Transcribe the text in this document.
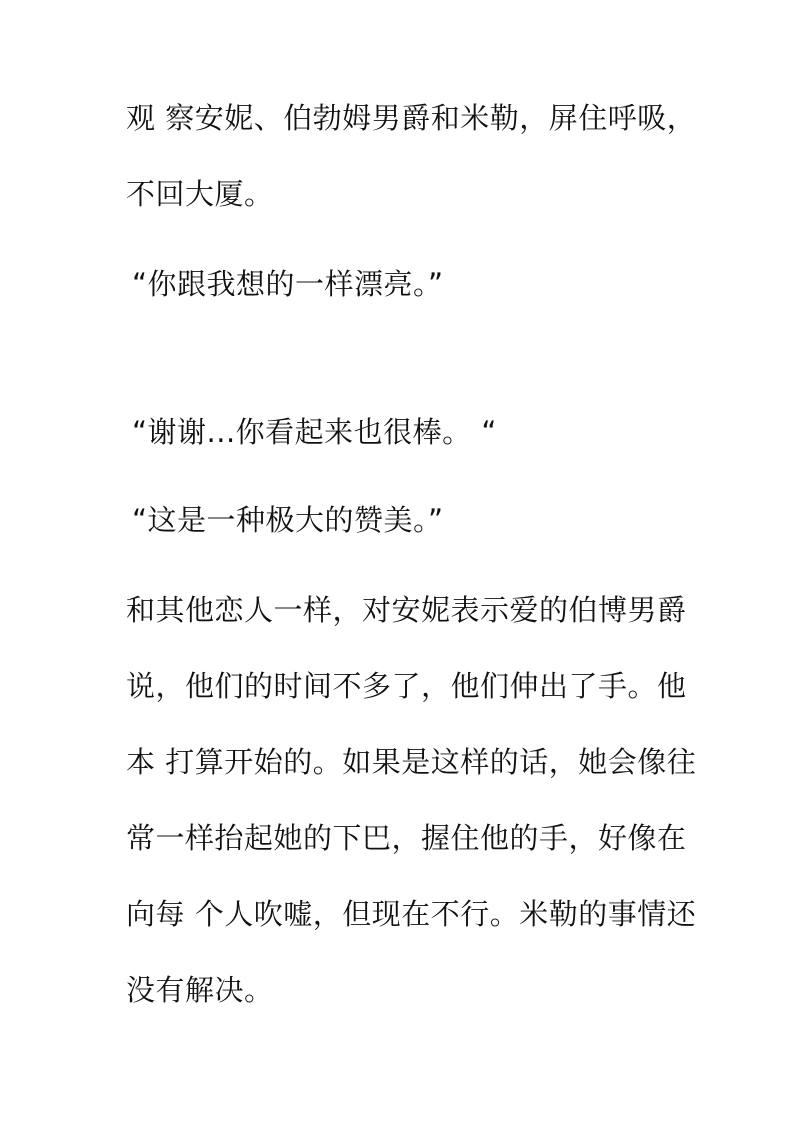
观 察安妮、伯勃姆男爵和米勒，屏住呼吸，
不回大厦。
“你跟我想的一样漂亮。”
“谢谢...你看起来也很棒。 “
“这是一种极大的赞美。”
和其他恋人一样，对安妮表示爱的伯博男爵
说，他们的时间不多了，他们伸出了手。他
本 打算开始的。如果是这样的话，她会像往
常一样抬起她的下巴，握住他的手，好像在
向每 个人吹嘘，但现在不行。米勒的事情还
没有解决。
